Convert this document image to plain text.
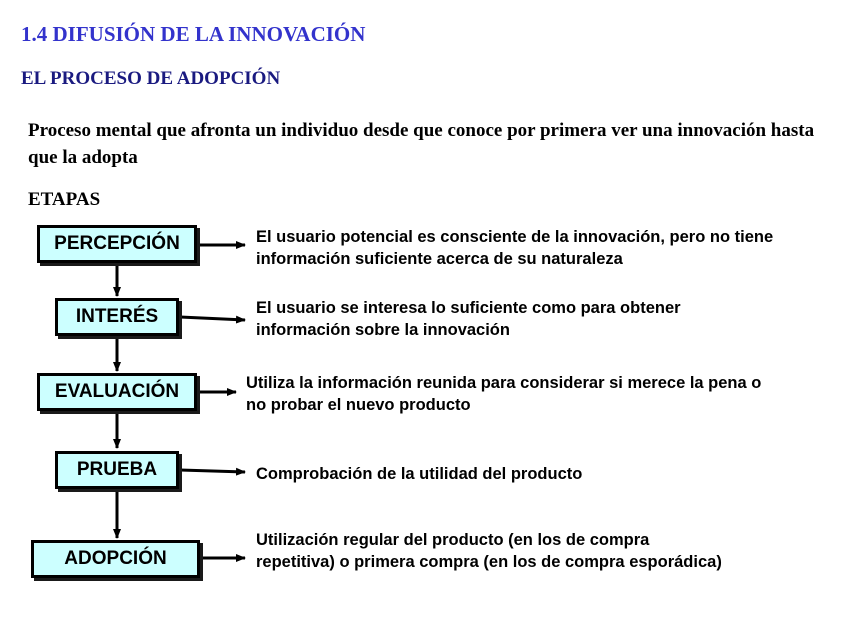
1.4 DIFUSIÓN DE LA INNOVACIÓN
EL PROCESO DE ADOPCIÓN
Proceso mental que afronta un individuo desde que conoce por primera ver una innovación hasta que la adopta
ETAPAS
PERCEPCIÓN
INTERÉS
EVALUACIÓN
PRUEBA
ADOPCIÓN
El usuario potencial es consciente de la innovación, pero no tiene información suficiente acerca de su naturaleza
El usuario se interesa lo suficiente como para obtener información sobre la innovación
Utiliza la información reunida para considerar si merece la pena o no probar el nuevo producto
Comprobación de la utilidad del producto
Utilización regular del producto (en los de compra repetitiva) o primera compra (en los de compra esporádica)
